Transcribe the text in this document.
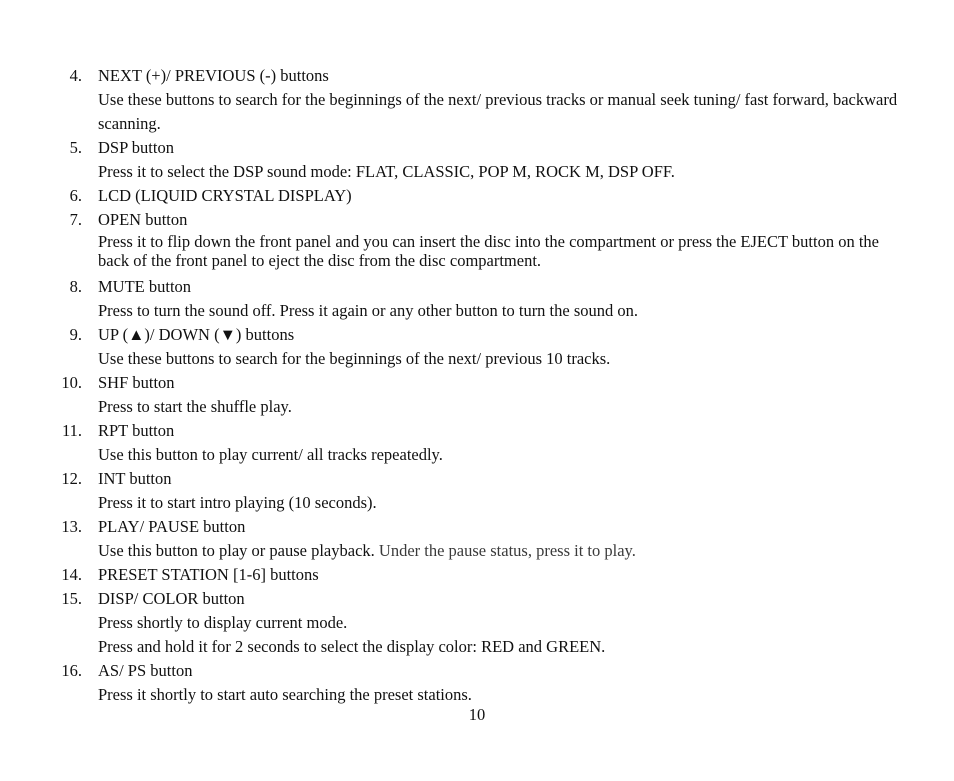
4. NEXT (+)/ PREVIOUS (-) buttons
Use these buttons to search for the beginnings of the next/ previous tracks or manual seek tuning/ fast forward, backward scanning.
5. DSP button
Press it to select the DSP sound mode: FLAT, CLASSIC, POP M, ROCK M, DSP OFF.
6. LCD (LIQUID CRYSTAL DISPLAY)
7. OPEN button
Press it to flip down the front panel and you can insert the disc into the compartment or press the EJECT button on the back of the front panel to eject the disc from the disc compartment.
8. MUTE button
Press to turn the sound off. Press it again or any other button to turn the sound on.
9. UP (▲)/ DOWN (▼) buttons
Use these buttons to search for the beginnings of the next/ previous 10 tracks.
10. SHF button
Press to start the shuffle play.
11. RPT button
Use this button to play current/ all tracks repeatedly.
12. INT button
Press it to start intro playing (10 seconds).
13. PLAY/ PAUSE button
Use this button to play or pause playback. Under the pause status, press it to play.
14. PRESET STATION [1-6] buttons
15. DISP/ COLOR button
Press shortly to display current mode.
Press and hold it for 2 seconds to select the display color: RED and GREEN.
16. AS/ PS button
Press it shortly to start auto searching the preset stations.
10
